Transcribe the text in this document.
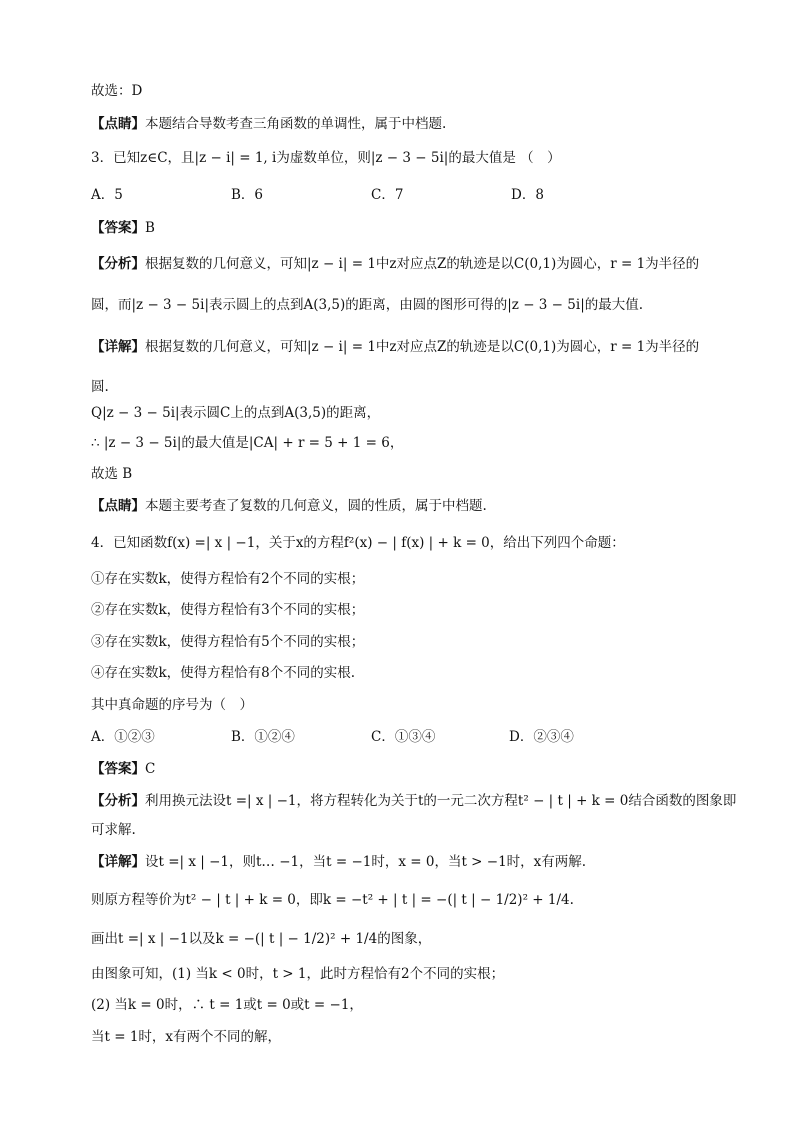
故选：D
【点睛】本题结合导数考查三角函数的单调性，属于中档题.
3．已知z∈C，且|z − i| = 1, i为虚数单位，则|z − 3 − 5i|的最大值是 （　）
A．5	B．6	C．7	D．8
【答案】B
【分析】根据复数的几何意义，可知|z − i| = 1中z对应点Z的轨迹是以C(0,1)为圆心，r = 1为半径的
圆，而|z − 3 − 5i|表示圆上的点到A(3,5)的距离，由圆的图形可得的|z − 3 − 5i|的最大值.
【详解】根据复数的几何意义，可知|z − i| = 1中z对应点Z的轨迹是以C(0,1)为圆心，r = 1为半径的
圆.
Q|z − 3 − 5i|表示圆C上的点到A(3,5)的距离，
∴ |z − 3 − 5i|的最大值是|CA| + r = 5 + 1 = 6，
故选 B
【点睛】本题主要考查了复数的几何意义，圆的性质，属于中档题.
4．已知函数f(x) =| x | −1，关于x的方程f²(x) − | f(x) | + k = 0，给出下列四个命题：
①存在实数k，使得方程恰有2个不同的实根；
②存在实数k，使得方程恰有3个不同的实根；
③存在实数k，使得方程恰有5个不同的实根；
④存在实数k，使得方程恰有8个不同的实根.
其中真命题的序号为（　）
A．①②③	B．①②④	C．①③④	D．②③④
【答案】C
【分析】利用换元法设t =| x | −1，将方程转化为关于t的一元二次方程t² − | t | + k = 0结合函数的图象即
可求解.
【详解】设t =| x | −1，则t… −1，当t = −1时，x = 0，当t > −1时，x有两解.
则原方程等价为t² − | t | + k = 0，即k = −t² + | t | = −(| t | − 1/2)² + 1/4.
画出t =| x | −1以及k = −(| t | − 1/2)² + 1/4的图象，
由图象可知，(1) 当k < 0时，t > 1，此时方程恰有2个不同的实根；
(2) 当k = 0时，∴ t = 1或t = 0或t = −1，
当t = 1时，x有两个不同的解，
